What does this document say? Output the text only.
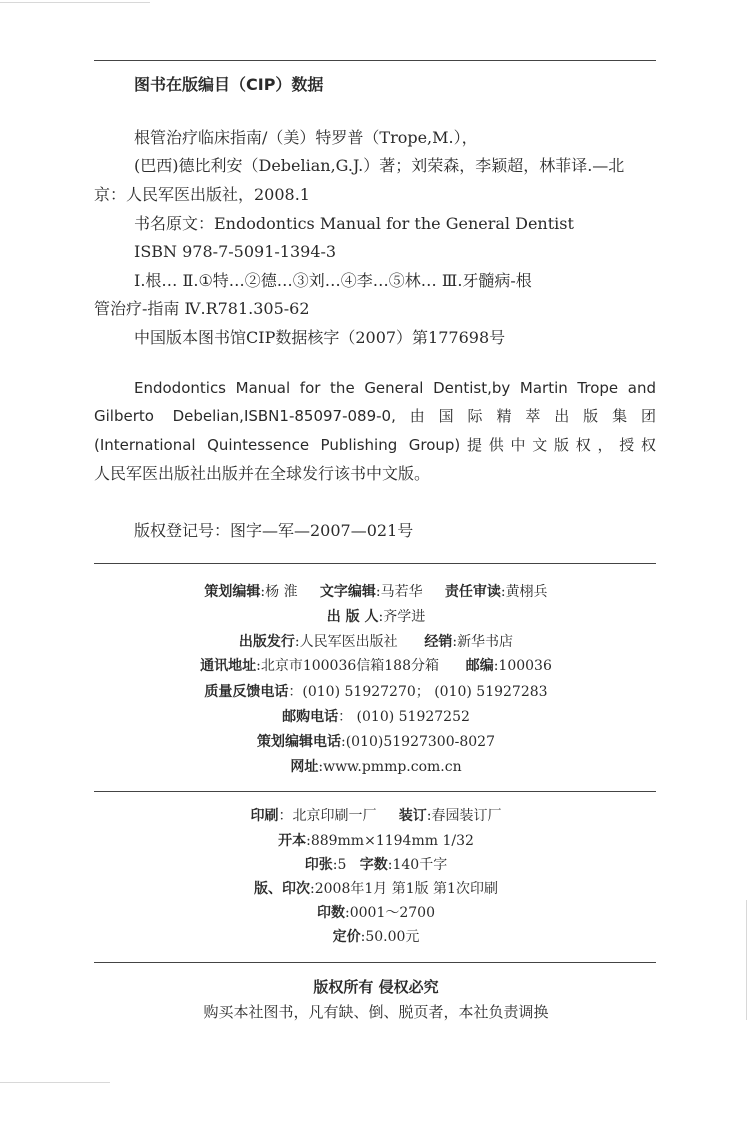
图书在版编目（CIP）数据
根管治疗临床指南/（美）特罗普（Trope,M.），
(巴西)德比利安（Debelian,G.J.）著；刘荣森，李颖超，林菲译.—北
京：人民军医出版社，2008.1
书名原文：Endodontics Manual for the General Dentist
ISBN 978-7-5091-1394-3
Ⅰ.根… Ⅱ.①特…②德…③刘…④李…⑤林… Ⅲ.牙髓病-根
管治疗-指南 Ⅳ.R781.305-62
中国版本图书馆CIP数据核字（2007）第177698号
Endodontics Manual for the General Dentist,by Martin Trope and
Gilberto Debelian,ISBN1-85097-089-0,由国际精萃出版集团
(International Quintessence Publishing Group)提供中文版权，授权
人民军医出版社出版并在全球发行该书中文版。
版权登记号：图字—军—2007—021号
策划编辑:杨 淮 文字编辑:马若华 责任审读:黄栩兵
出 版 人:齐学进
出版发行:人民军医出版社 经销:新华书店
通讯地址:北京市100036信箱188分箱 邮编:100036
质量反馈电话：(010) 51927270； (010) 51927283
邮购电话： (010) 51927252
策划编辑电话:(010)51927300-8027
网址:www.pmmp.com.cn
印刷：北京印刷一厂 装订:春园装订厂
开本:889mm×1194mm 1/32
印张:5 字数:140千字
版、印次:2008年1月 第1版 第1次印刷
印数:0001～2700
定价:50.00元
版权所有 侵权必究
购买本社图书，凡有缺、倒、脱页者，本社负责调换
